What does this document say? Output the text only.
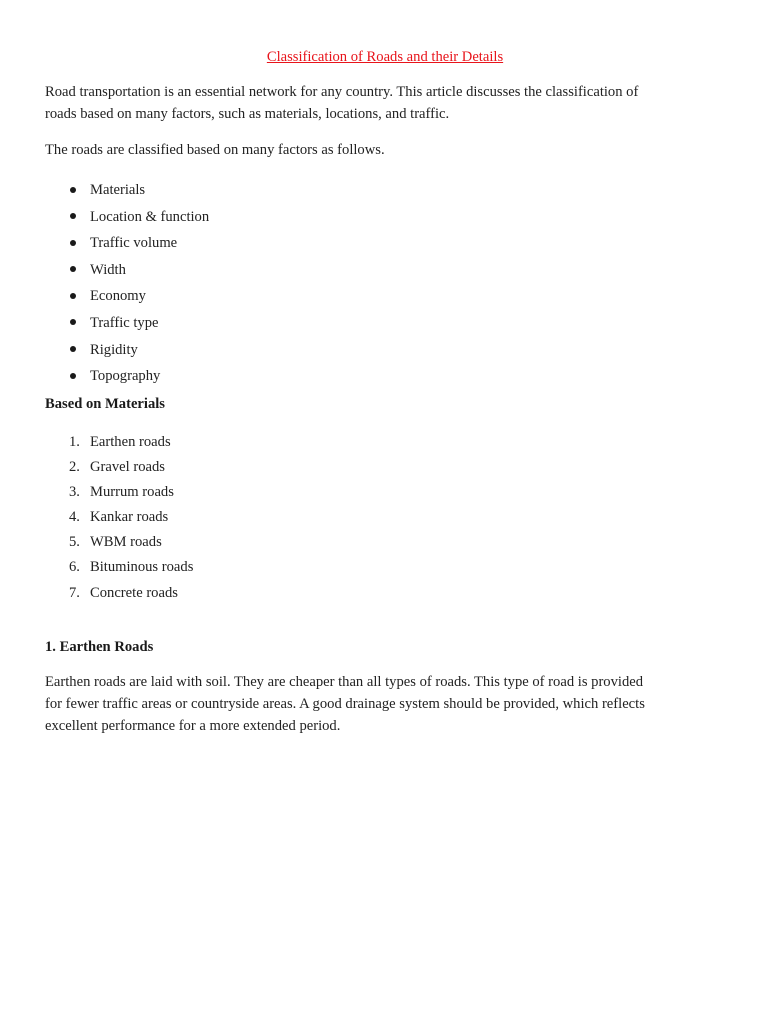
Classification of Roads and their Details

Road transportation is an essential network for any country. This article discusses the classification of
roads based on many factors, such as materials, locations, and traffic.

The roads are classified based on many factors as follows.

Materials
Location & function
Traffic volume
Width
Economy
Traffic type
Rigidity
Topography
Based on Materials
1. Earthen roads
2. Gravel roads
3. Murrum roads
4. Kankar roads
5. WBM roads
6. Bituminous roads
7. Concrete roads
1. Earthen Roads

Earthen roads are laid with soil. They are cheaper than all types of roads. This type of road is provided
for fewer traffic areas or countryside areas. A good drainage system should be provided, which reflects
excellent performance for a more extended period.
